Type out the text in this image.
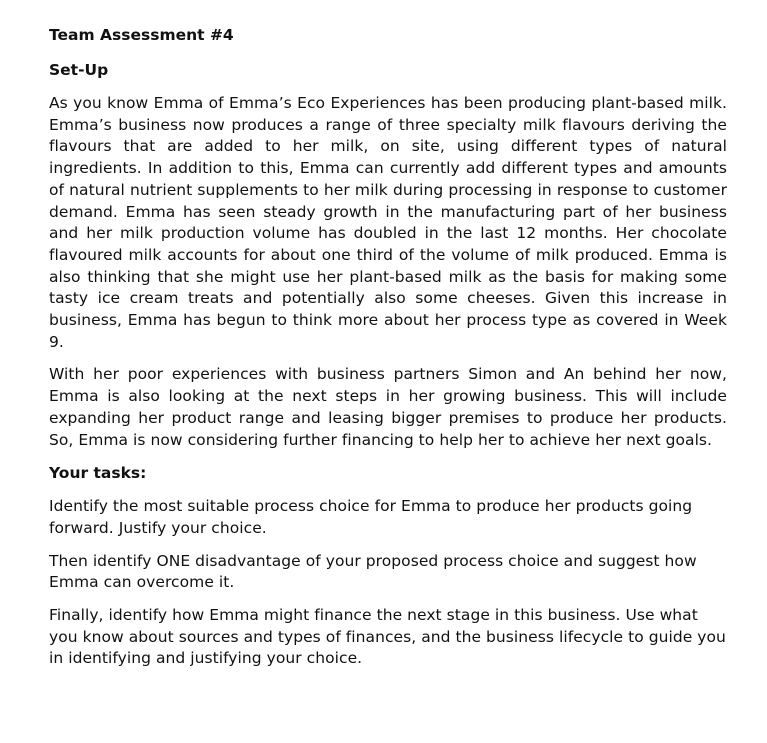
Team Assessment #4

Set-Up

As you know Emma of Emma’s Eco Experiences has been producing plant-based milk. Emma’s business now produces a range of three specialty milk flavours deriving the flavours that are added to her milk, on site, using different types of natural ingredients. In addition to this, Emma can currently add different types and amounts of natural nutrient supplements to her milk during processing in response to customer demand. Emma has seen steady growth in the manufacturing part of her business and her milk production volume has doubled in the last 12 months. Her chocolate flavoured milk accounts for about one third of the volume of milk produced. Emma is also thinking that she might use her plant-based milk as the basis for making some tasty ice cream treats and potentially also some cheeses. Given this increase in business, Emma has begun to think more about her process type as covered in Week 9.

With her poor experiences with business partners Simon and An behind her now, Emma is also looking at the next steps in her growing business. This will include expanding her product range and leasing bigger premises to produce her products. So, Emma is now considering further financing to help her to achieve her next goals.

Your tasks:

Identify the most suitable process choice for Emma to produce her products going forward. Justify your choice.

Then identify ONE disadvantage of your proposed process choice and suggest how Emma can overcome it.

Finally, identify how Emma might finance the next stage in this business. Use what you know about sources and types of finances, and the business lifecycle to guide you in identifying and justifying your choice.
